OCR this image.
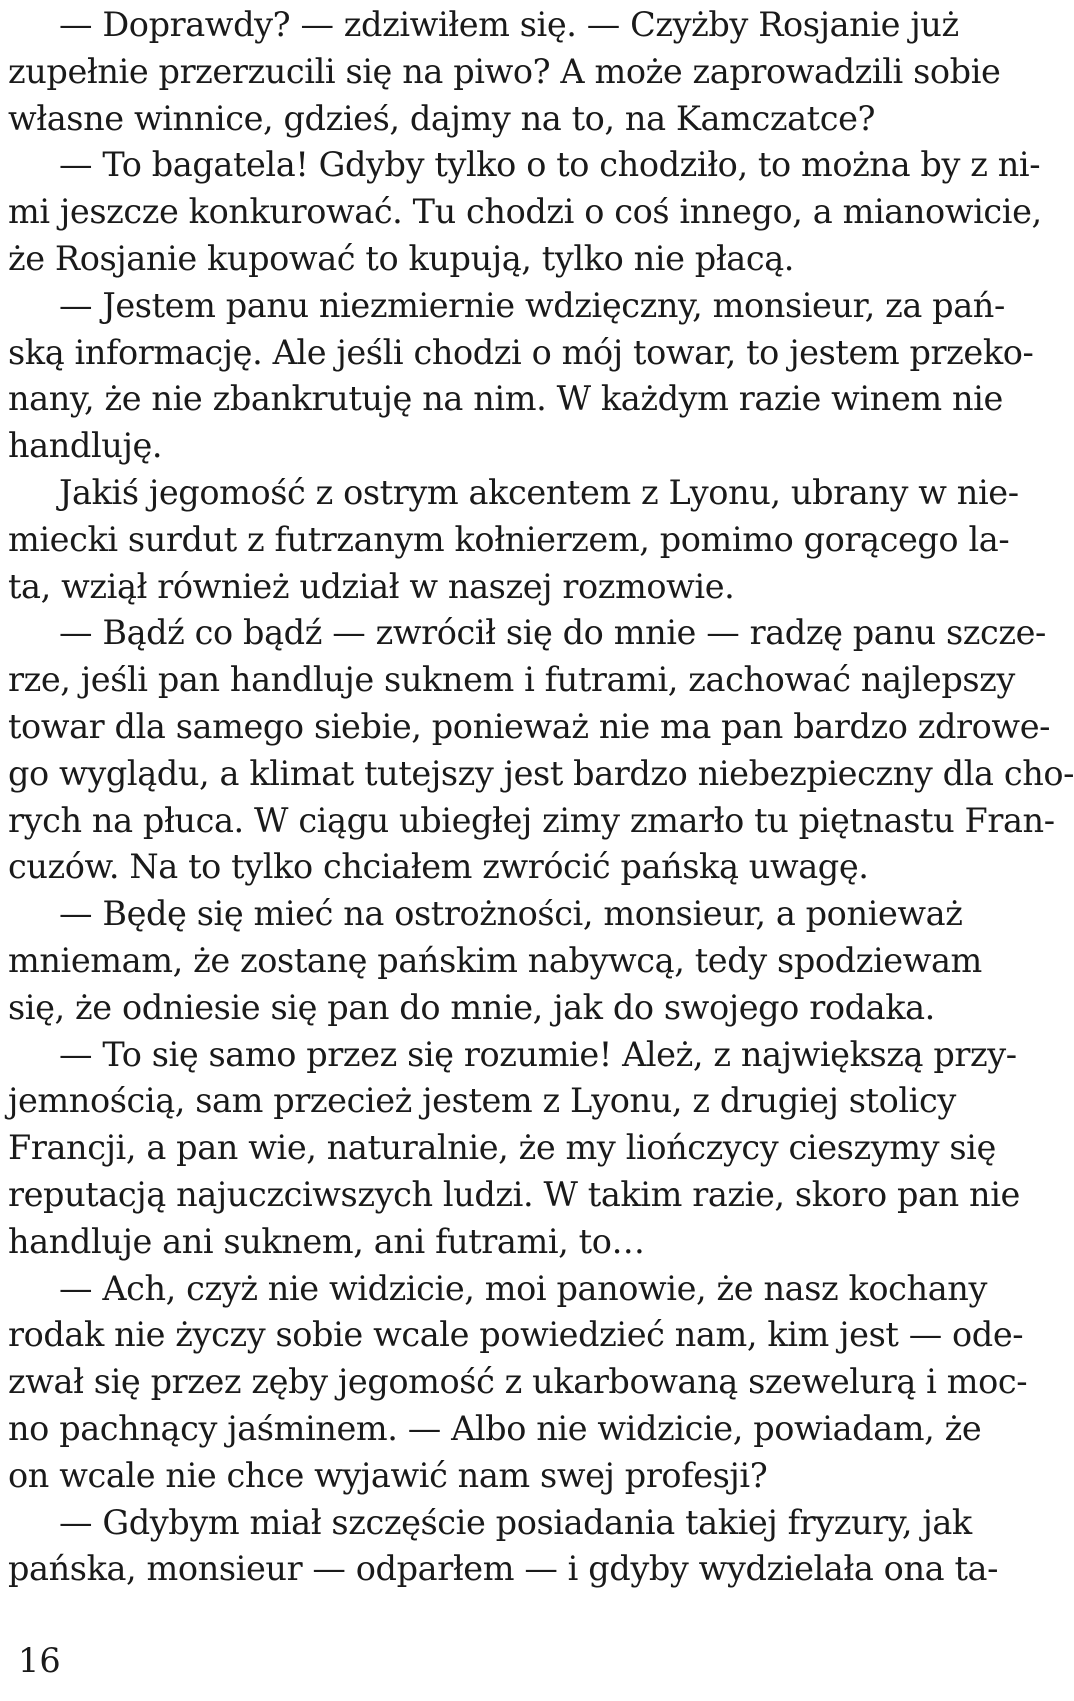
— Doprawdy? — zdziwiłem się. — Czyżby Rosjanie już
zupełnie przerzucili się na piwo? A może zaprowadzili sobie
własne winnice, gdzieś, dajmy na to, na Kamczatce?
— To bagatela! Gdyby tylko o to chodziło, to można by z ni-
mi jeszcze konkurować. Tu chodzi o coś innego, a mianowicie,
że Rosjanie kupować to kupują, tylko nie płacą.
— Jestem panu niezmiernie wdzięczny, monsieur, za pań-
ską informację. Ale jeśli chodzi o mój towar, to jestem przeko-
nany, że nie zbankrutuję na nim. W każdym razie winem nie
handluję.
Jakiś jegomość z ostrym akcentem z Lyonu, ubrany w nie-
miecki surdut z futrzanym kołnierzem, pomimo gorącego la-
ta, wziął również udział w naszej rozmowie.
— Bądź co bądź — zwrócił się do mnie — radzę panu szcze-
rze, jeśli pan handluje suknem i futrami, zachować najlepszy
towar dla samego siebie, ponieważ nie ma pan bardzo zdrowe-
go wyglądu, a klimat tutejszy jest bardzo niebezpieczny dla cho-
rych na płuca. W ciągu ubiegłej zimy zmarło tu piętnastu Fran-
cuzów. Na to tylko chciałem zwrócić pańską uwagę.
— Będę się mieć na ostrożności, monsieur, a ponieważ
mniemam, że zostanę pańskim nabywcą, tedy spodziewam
się, że odniesie się pan do mnie, jak do swojego rodaka.
— To się samo przez się rozumie! Ależ, z największą przy-
jemnością, sam przecież jestem z Lyonu, z drugiej stolicy
Francji, a pan wie, naturalnie, że my liończycy cieszymy się
reputacją najuczciwszych ludzi. W takim razie, skoro pan nie
handluje ani suknem, ani futrami, to…
— Ach, czyż nie widzicie, moi panowie, że nasz kochany
rodak nie życzy sobie wcale powiedzieć nam, kim jest — ode-
zwał się przez zęby jegomość z ukarbowaną szewelurą i moc-
no pachnący jaśminem. — Albo nie widzicie, powiadam, że
on wcale nie chce wyjawić nam swej profesji?
— Gdybym miał szczęście posiadania takiej fryzury, jak
pańska, monsieur — odparłem — i gdyby wydzielała ona ta-
16
